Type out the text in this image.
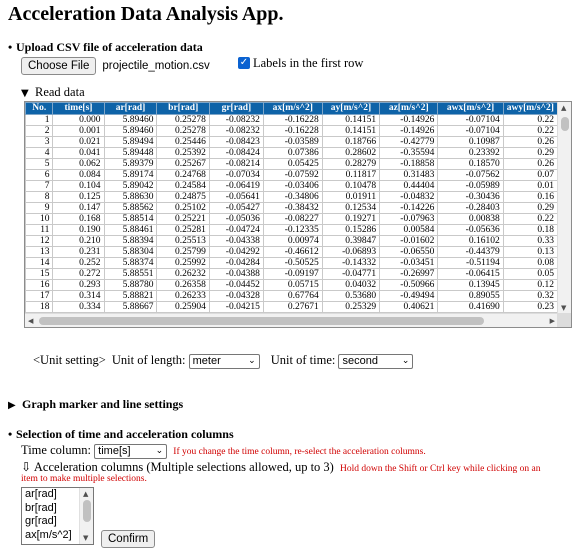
Acceleration Data Analysis App.
• Upload CSV file of acceleration data
Choose File projectile_motion.csv	✓ Labels in the first row
▼ Read data
No.	time[s]	ar[rad]	br[rad]	gr[rad]	ax[m/s^2]	ay[m/s^2]	az[m/s^2]	awx[m/s^2]	awy[m/s^2]
1	0.000	5.89460	0.25278	-0.08232	-0.16228	0.14151	-0.14926	-0.07104	0.22
2	0.001	5.89460	0.25278	-0.08232	-0.16228	0.14151	-0.14926	-0.07104	0.22
3	0.021	5.89494	0.25446	-0.08423	-0.03589	0.18766	-0.42779	0.10987	0.26
4	0.041	5.89448	0.25392	-0.08424	0.07386	0.28602	-0.35594	0.23392	0.29
5	0.062	5.89379	0.25267	-0.08214	0.05425	0.28279	-0.18858	0.18570	0.26
6	0.084	5.89174	0.24768	-0.07034	-0.07592	0.11817	0.31483	-0.07562	0.07
7	0.104	5.89042	0.24584	-0.06419	-0.03406	0.10478	0.44404	-0.05989	0.01
8	0.125	5.88630	0.24875	-0.05641	-0.34806	0.01911	-0.04832	-0.30436	0.16
9	0.147	5.88562	0.25102	-0.05427	-0.38432	0.12534	-0.14226	-0.28403	0.29
10	0.168	5.88514	0.25221	-0.05036	-0.08227	0.19271	-0.07963	0.00838	0.22
11	0.190	5.88461	0.25281	-0.04724	-0.12335	0.15286	0.00584	-0.05636	0.18
12	0.210	5.88394	0.25513	-0.04338	0.00974	0.39847	-0.01602	0.16102	0.33
13	0.231	5.88304	0.25799	-0.04292	-0.46612	-0.06893	-0.06550	-0.44379	0.13
14	0.252	5.88374	0.25992	-0.04284	-0.50525	-0.14332	-0.03451	-0.51194	0.08
15	0.272	5.88551	0.26232	-0.04388	-0.09197	-0.04771	-0.26997	-0.06415	0.05
16	0.293	5.88780	0.26358	-0.04452	0.05715	0.04032	-0.50966	0.13945	0.12
17	0.314	5.88821	0.26233	-0.04328	0.67764	0.53680	-0.49494	0.89055	0.32
18	0.334	5.88667	0.25904	-0.04215	0.27671	0.25329	0.40621	0.41690	0.23
▲
▼
◀	▶
<Unit setting> Unit of length: meter	⌄ Unit of time: second	⌄
▶ Graph marker and line settings
• Selection of time and acceleration columns
Time column: time[s]	⌄ If you change the time column, re-select the acceleration columns.
⇩ Acceleration columns (Multiple selections allowed, up to 3) Hold down the Shift or Ctrl key while clicking on an
item to make multiple selections.
ar[rad]
br[rad]
gr[rad]
ax[m/s^2]
▲
▼	Confirm
